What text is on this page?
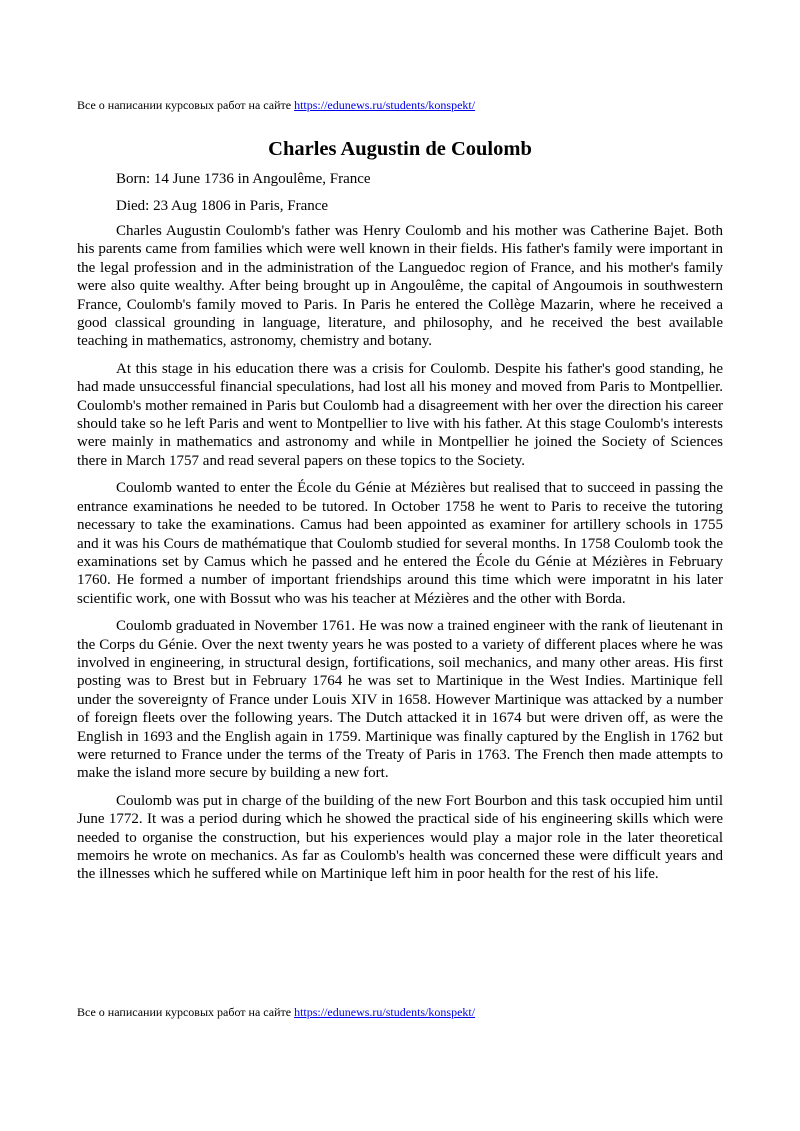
Все о написании курсовых работ на сайте https://edunews.ru/students/konspekt/
Charles Augustin de Coulomb

Born: 14 June 1736 in Angoulême, France

Died: 23 Aug 1806 in Paris, France

Charles Augustin Coulomb's father was Henry Coulomb and his mother was Catherine Bajet. Both his parents came from families which were well known in their fields. His father's family were important in the legal profession and in the administration of the Languedoc region of France, and his mother's family were also quite wealthy. After being brought up in Angoulême, the capital of Angoumois in southwestern France, Coulomb's family moved to Paris. In Paris he entered the Collège Mazarin, where he received a good classical grounding in language, literature, and philosophy, and he received the best available teaching in mathematics, astronomy, chemistry and botany.

At this stage in his education there was a crisis for Coulomb. Despite his father's good standing, he had made unsuccessful financial speculations, had lost all his money and moved from Paris to Montpellier. Coulomb's mother remained in Paris but Coulomb had a disagreement with her over the direction his career should take so he left Paris and went to Montpellier to live with his father. At this stage Coulomb's interests were mainly in mathematics and astronomy and while in Montpellier he joined the Society of Sciences there in March 1757 and read several papers on these topics to the Society.

Coulomb wanted to enter the École du Génie at Mézières but realised that to succeed in passing the entrance examinations he needed to be tutored. In October 1758 he went to Paris to receive the tutoring necessary to take the examinations. Camus had been appointed as examiner for artillery schools in 1755 and it was his Cours de mathématique that Coulomb studied for several months. In 1758 Coulomb took the examinations set by Camus which he passed and he entered the École du Génie at Mézières in February 1760. He formed a number of important friendships around this time which were imporatnt in his later scientific work, one with Bossut who was his teacher at Mézières and the other with Borda.

Coulomb graduated in November 1761. He was now a trained engineer with the rank of lieutenant in the Corps du Génie. Over the next twenty years he was posted to a variety of different places where he was involved in engineering, in structural design, fortifications, soil mechanics, and many other areas. His first posting was to Brest but in February 1764 he was set to Martinique in the West Indies. Martinique fell under the sovereignty of France under Louis XIV in 1658. However Martinique was attacked by a number of foreign fleets over the following years. The Dutch attacked it in 1674 but were driven off, as were the English in 1693 and the English again in 1759. Martinique was finally captured by the English in 1762 but were returned to France under the terms of the Treaty of Paris in 1763. The French then made attempts to make the island more secure by building a new fort.

Coulomb was put in charge of the building of the new Fort Bourbon and this task occupied him until June 1772. It was a period during which he showed the practical side of his engineering skills which were needed to organise the construction, but his experiences would play a major role in the later theoretical memoirs he wrote on mechanics. As far as Coulomb's health was concerned these were difficult years and the illnesses which he suffered while on Martinique left him in poor health for the rest of his life.

Все о написании курсовых работ на сайте https://edunews.ru/students/konspekt/
